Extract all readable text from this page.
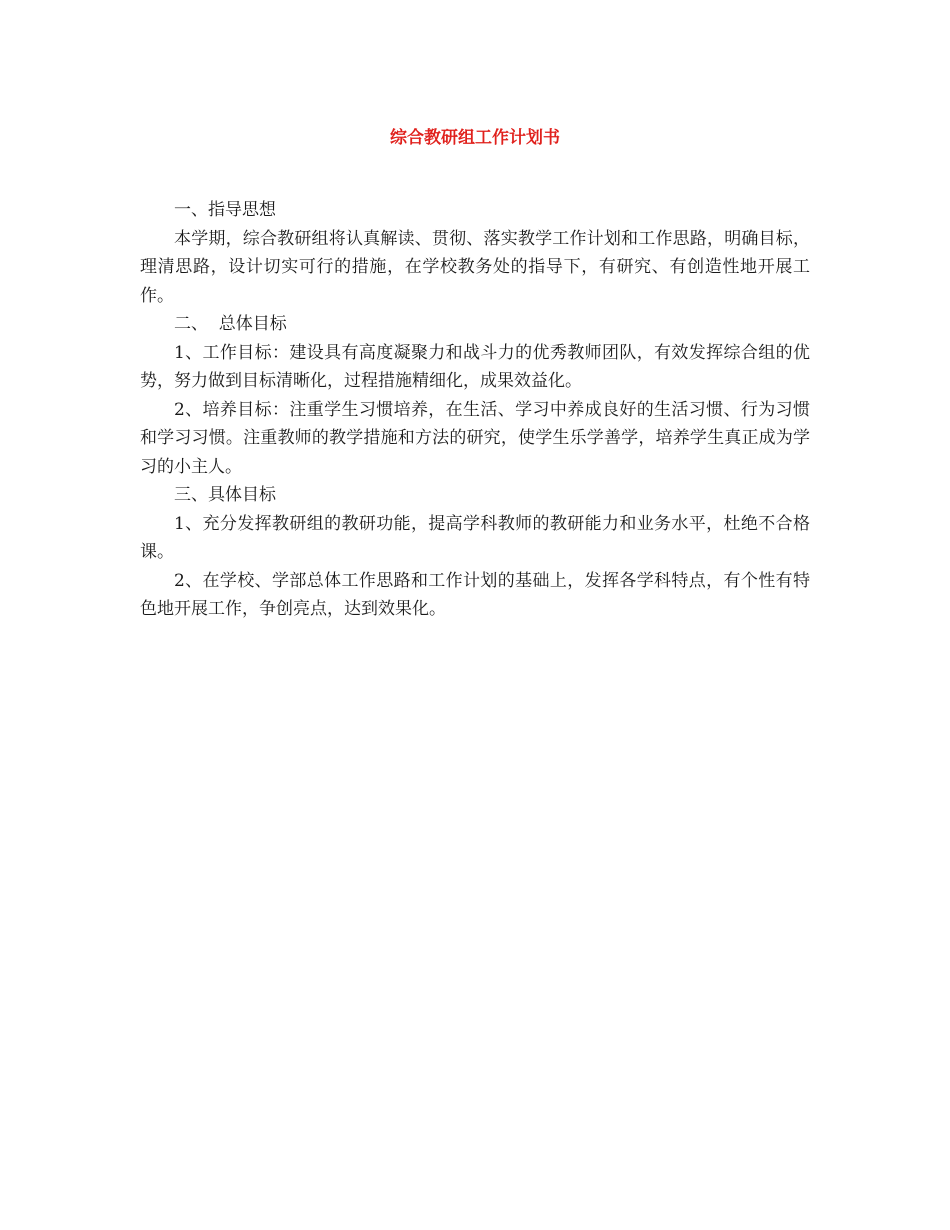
综合教研组工作计划书

一、指导思想

本学期，综合教研组将认真解读、贯彻、落实教学工作计划和工作思路，明确目标，理清思路，设计切实可行的措施，在学校教务处的指导下，有研究、有创造性地开展工作。

二、  总体目标

1、工作目标：建设具有高度凝聚力和战斗力的优秀教师团队，有效发挥综合组的优势，努力做到目标清晰化，过程措施精细化，成果效益化。

2、培养目标：注重学生习惯培养，在生活、学习中养成良好的生活习惯、行为习惯和学习习惯。注重教师的教学措施和方法的研究，使学生乐学善学，培养学生真正成为学习的小主人。

三、具体目标

1、充分发挥教研组的教研功能，提高学科教师的教研能力和业务水平，杜绝不合格课。

2、在学校、学部总体工作思路和工作计划的基础上，发挥各学科特点，有个性有特色地开展工作，争创亮点，达到效果化。
